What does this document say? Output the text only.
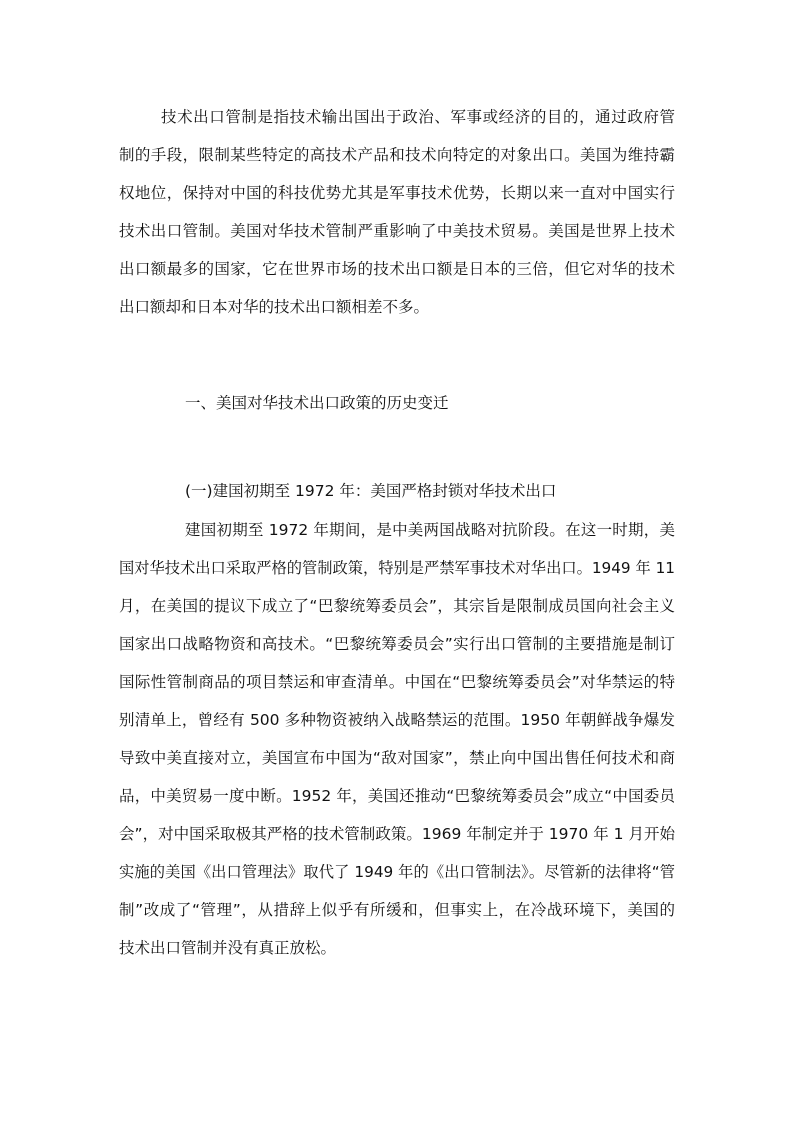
技术出口管制是指技术输出国出于政治、军事或经济的目的，通过政府管
制的手段，限制某些特定的高技术产品和技术向特定的对象出口。美国为维持霸
权地位，保持对中国的科技优势尤其是军事技术优势，长期以来一直对中国实行
技术出口管制。美国对华技术管制严重影响了中美技术贸易。美国是世界上技术
出口额最多的国家，它在世界市场的技术出口额是日本的三倍，但它对华的技术
出口额却和日本对华的技术出口额相差不多。
一、美国对华技术出口政策的历史变迁
(一)建国初期至 1972 年：美国严格封锁对华技术出口
建国初期至 1972 年期间，是中美两国战略对抗阶段。在这一时期，美
国对华技术出口采取严格的管制政策，特别是严禁军事技术对华出口。1949 年 11
月，在美国的提议下成立了“巴黎统筹委员会”，其宗旨是限制成员国向社会主义
国家出口战略物资和高技术。“巴黎统筹委员会”实行出口管制的主要措施是制订
国际性管制商品的项目禁运和审查清单。中国在“巴黎统筹委员会”对华禁运的特
别清单上，曾经有 500 多种物资被纳入战略禁运的范围。1950 年朝鲜战争爆发
导致中美直接对立，美国宣布中国为“敌对国家”，禁止向中国出售任何技术和商
品，中美贸易一度中断。1952 年，美国还推动“巴黎统筹委员会”成立“中国委员
会”，对中国采取极其严格的技术管制政策。1969 年制定并于 1970 年 1 月开始
实施的美国《出口管理法》取代了 1949 年的《出口管制法》。尽管新的法律将“管
制”改成了“管理”，从措辞上似乎有所缓和，但事实上，在冷战环境下，美国的
技术出口管制并没有真正放松。
